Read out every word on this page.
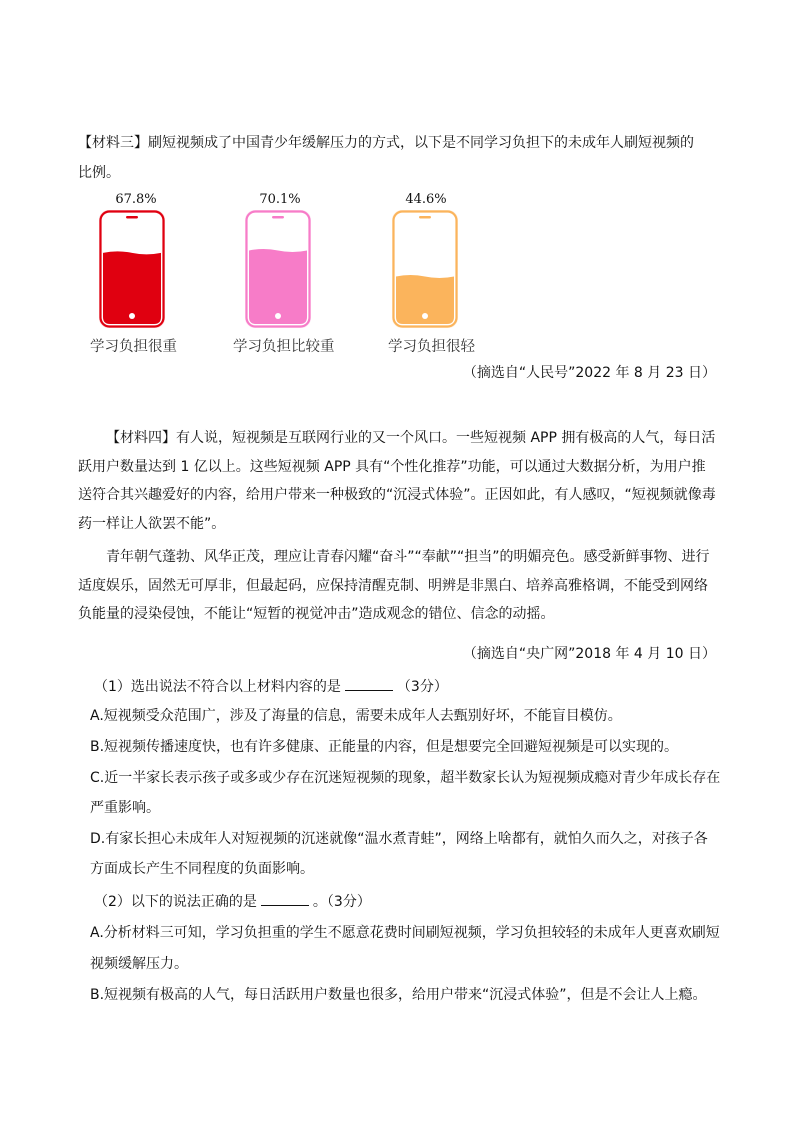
【材料三】刷短视频成了中国青少年缓解压力的方式，以下是不同学习负担下的未成年人刷短视频的
比例。
67.8%	70.1%	44.6%
学习负担很重	学习负担比较重	学习负担很轻
（摘选自“人民号”2022 年 8 月 23 日）
【材料四】有人说，短视频是互联网行业的又一个风口。一些短视频 APP 拥有极高的人气，每日活跃用户数量达到 1 亿以上。这些短视频 APP 具有“个性化推荐”功能，可以通过大数据分析，为用户推送符合其兴趣爱好的内容，给用户带来一种极致的“沉浸式体验”。正因如此，有人感叹，“短视频就像毒药一样让人欲罢不能”。
青年朝气蓬勃、风华正茂，理应让青春闪耀“奋斗”“奉献”“担当”的明媚亮色。感受新鲜事物、进行适度娱乐，固然无可厚非，但最起码，应保持清醒克制、明辨是非黑白、培养高雅格调，不能受到网络负能量的浸染侵蚀，不能让“短暂的视觉冲击”造成观念的错位、信念的动摇。
（摘选自“央广网”2018 年 4 月 10 日）
（1）选出说法不符合以上材料内容的是	（3分）
A.短视频受众范围广，涉及了海量的信息，需要未成年人去甄别好坏，不能盲目模仿。
B.短视频传播速度快，也有许多健康、正能量的内容，但是想要完全回避短视频是可以实现的。
C.近一半家长表示孩子或多或少存在沉迷短视频的现象，超半数家长认为短视频成瘾对青少年成长存在
严重影响。
D.有家长担心未成年人对短视频的沉迷就像“温水煮青蛙”，网络上啥都有，就怕久而久之，对孩子各
方面成长产生不同程度的负面影响。
（2）以下的说法正确的是	。（3分）
A.分析材料三可知，学习负担重的学生不愿意花费时间刷短视频，学习负担较轻的未成年人更喜欢刷短
视频缓解压力。
B.短视频有极高的人气，每日活跃用户数量也很多，给用户带来“沉浸式体验”，但是不会让人上瘾。
